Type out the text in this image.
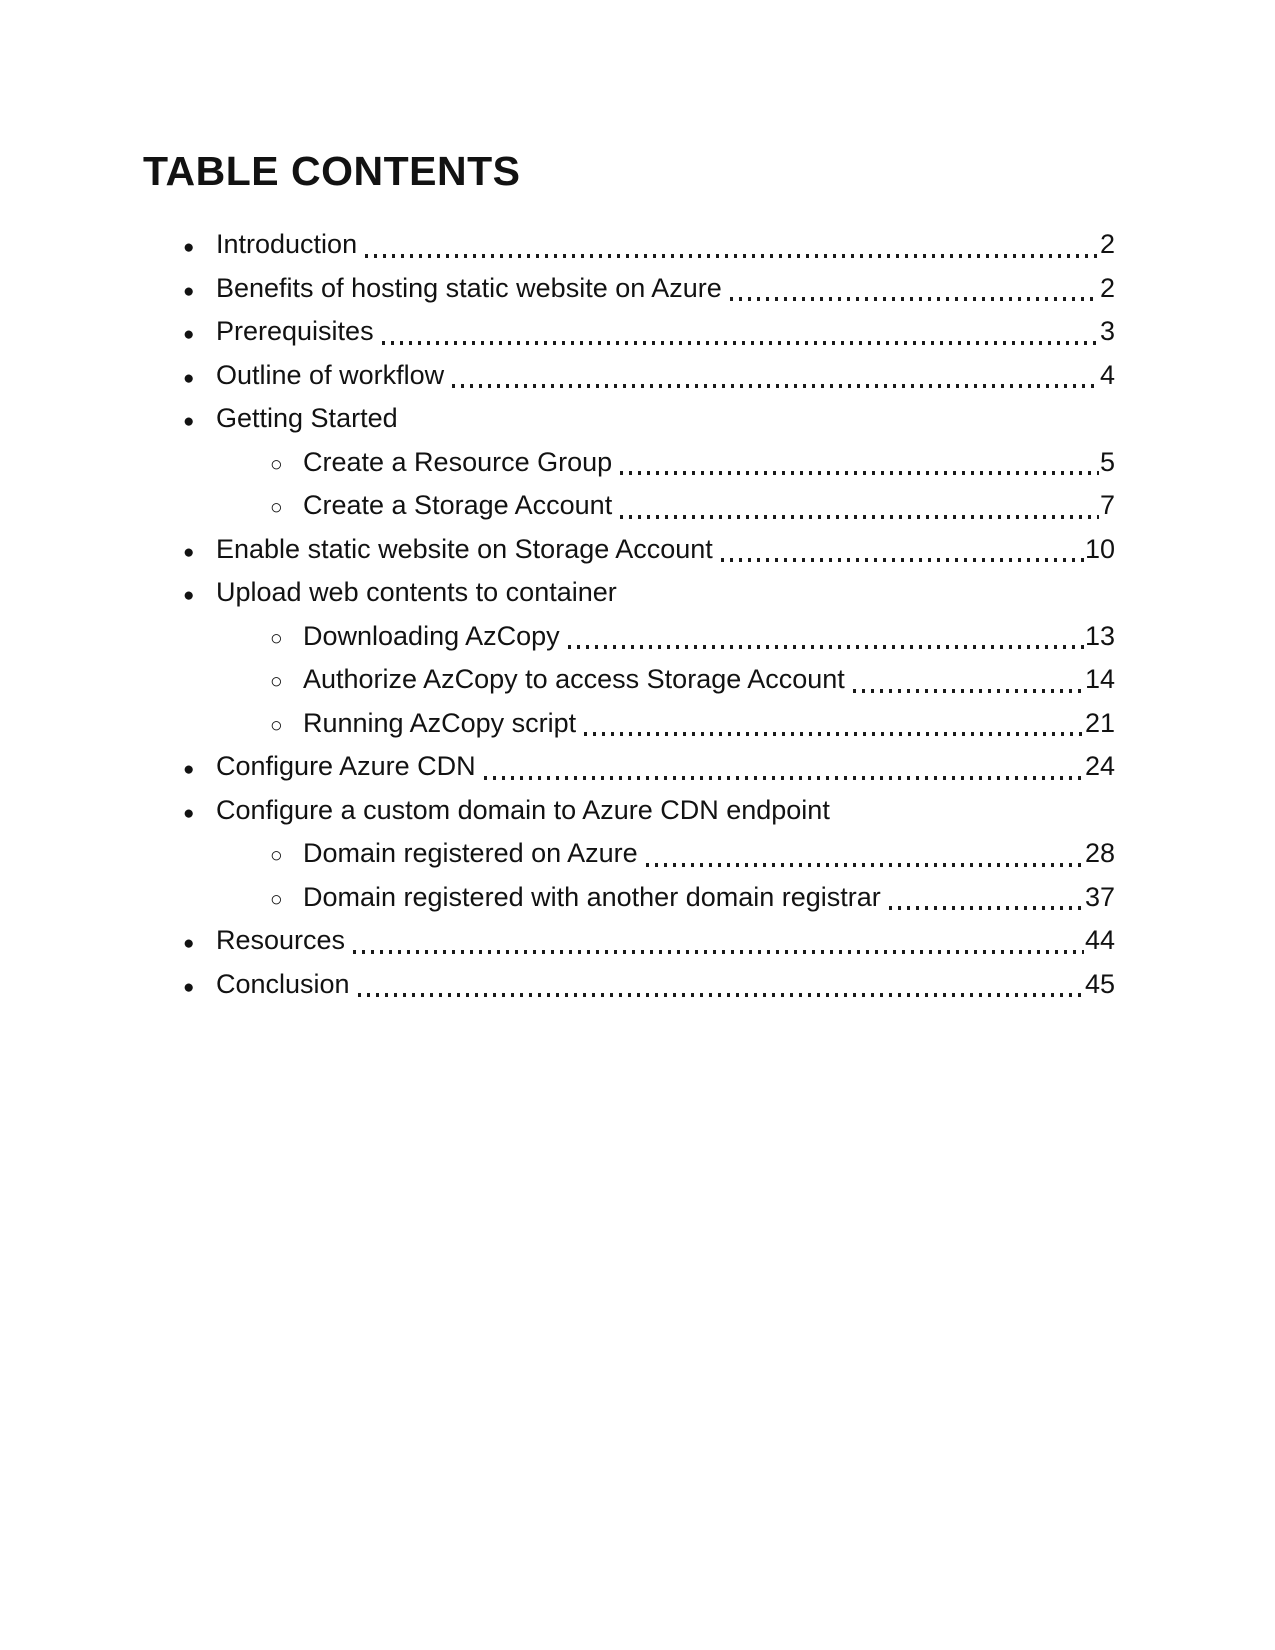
TABLE CONTENTS
● Introduction	2
● Benefits of hosting static website on Azure	2
● Prerequisites	3
● Outline of workflow	4
● Getting Started
○ Create a Resource Group	5
○ Create a Storage Account	7
● Enable static website on Storage Account	10
● Upload web contents to container
○ Downloading AzCopy	13
○ Authorize AzCopy to access Storage Account	14
○ Running AzCopy script	21
● Configure Azure CDN	24
● Configure a custom domain to Azure CDN endpoint
○ Domain registered on Azure	28
○ Domain registered with another domain registrar	37
● Resources	44
● Conclusion	45
